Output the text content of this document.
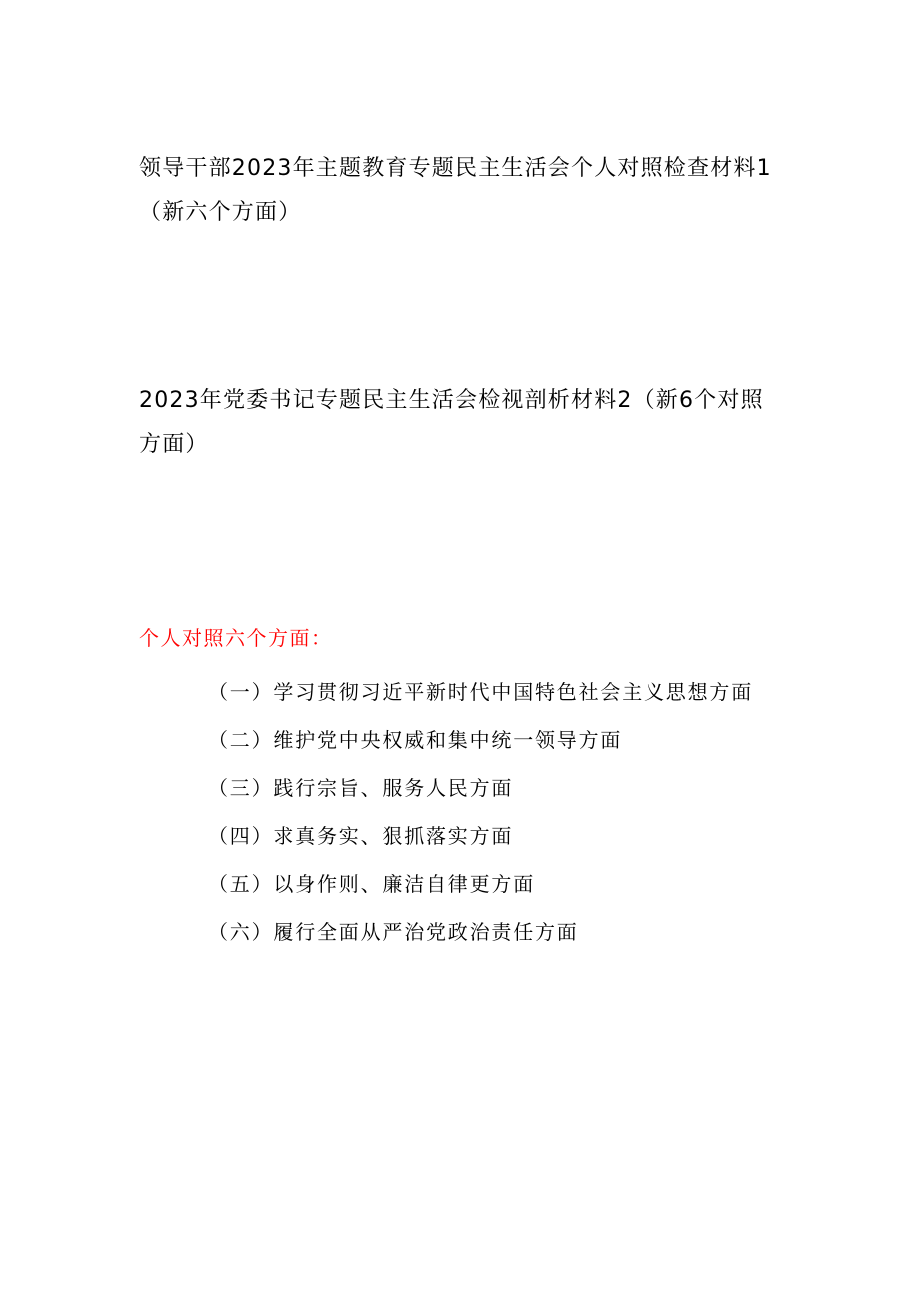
领导干部2023年主题教育专题民主生活会个人对照检查材料1（新六个方面）
2023年党委书记专题民主生活会检视剖析材料2（新6个对照方面）
个人对照六个方面：
（一）学习贯彻习近平新时代中国特色社会主义思想方面
（二）维护党中央权威和集中统一领导方面
（三）践行宗旨、服务人民方面
（四）求真务实、狠抓落实方面
（五）以身作则、廉洁自律更方面
（六）履行全面从严治党政治责任方面
